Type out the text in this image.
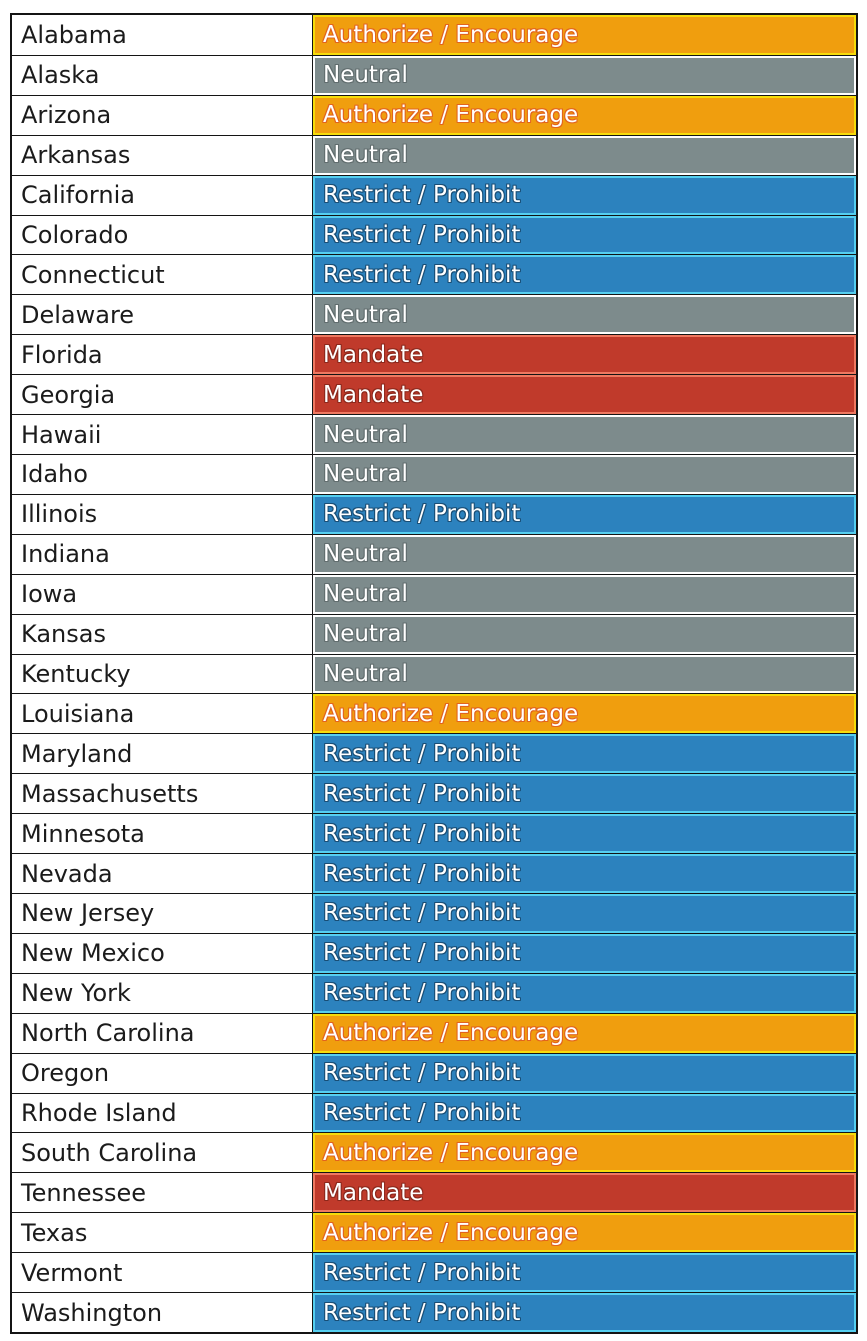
Alabama	Authorize / Encourage
Alaska	Neutral
Arizona	Authorize / Encourage
Arkansas	Neutral
California	Restrict / Prohibit
Colorado	Restrict / Prohibit
Connecticut	Restrict / Prohibit
Delaware	Neutral
Florida	Mandate
Georgia	Mandate
Hawaii	Neutral
Idaho	Neutral
Illinois	Restrict / Prohibit
Indiana	Neutral
Iowa	Neutral
Kansas	Neutral
Kentucky	Neutral
Louisiana	Authorize / Encourage
Maryland	Restrict / Prohibit
Massachusetts	Restrict / Prohibit
Minnesota	Restrict / Prohibit
Nevada	Restrict / Prohibit
New Jersey	Restrict / Prohibit
New Mexico	Restrict / Prohibit
New York	Restrict / Prohibit
North Carolina	Authorize / Encourage
Oregon	Restrict / Prohibit
Rhode Island	Restrict / Prohibit
South Carolina	Authorize / Encourage
Tennessee	Mandate
Texas	Authorize / Encourage
Vermont	Restrict / Prohibit
Washington	Restrict / Prohibit
